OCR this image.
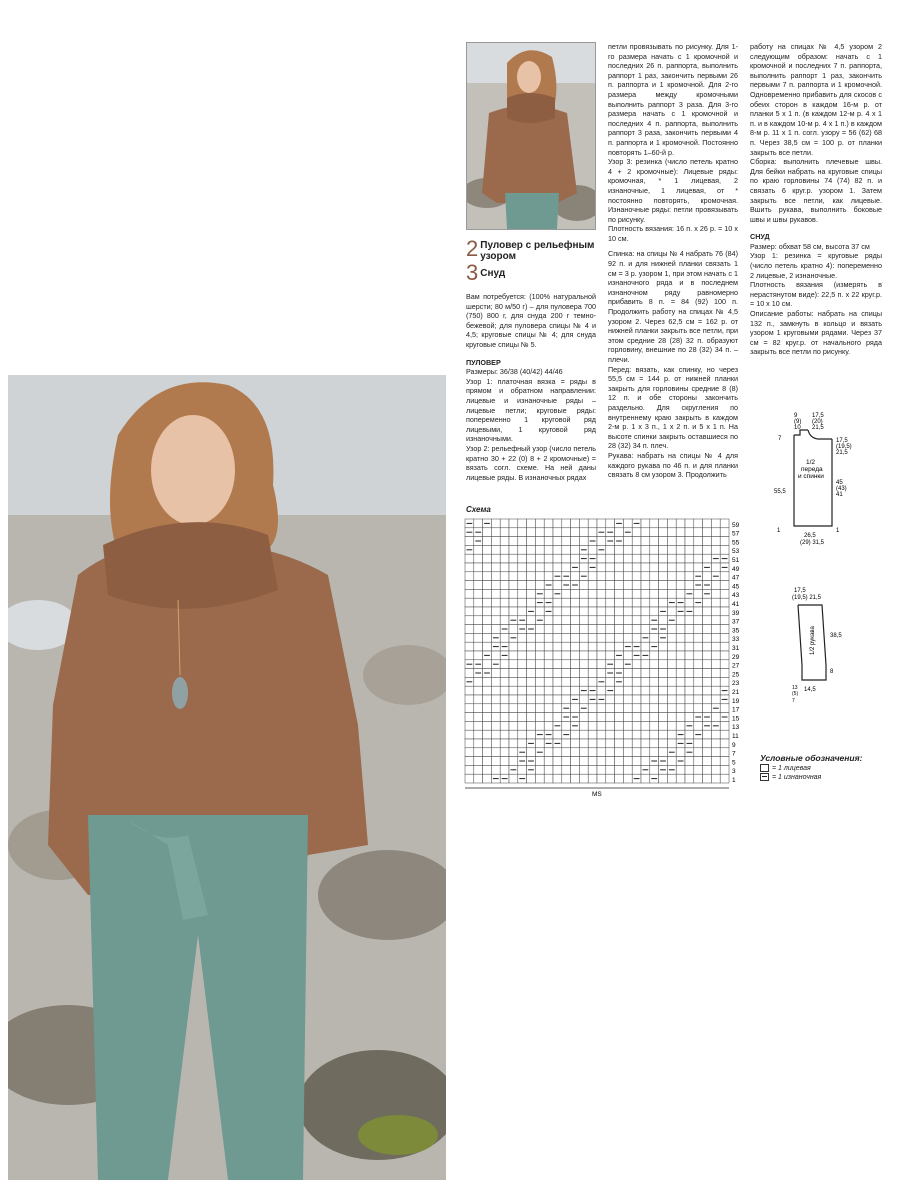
2 Пуловер с рельефным узором
3 Снуд

Вам потребуется: (100% натуральной шерсти; 80 м/50 г) – для пуловера 700 (750) 800 г, для снуда 200 г темно-бежевой; для пуловера спицы № 4 и 4,5; круговые спицы № 4; для снуда круговые спицы № 5.

ПУЛОВЕР

Размеры: 36/38 (40/42) 44/46

Узор 1: платочная вязка = ряды в прямом и обратном направлении: лицевые и изнаночные ряды – лицевые петли; круговые ряды: попеременно 1 круговой ряд лицевыми, 1 круговой ряд изнаночными.

Узор 2: рельефный узор (число петель кратно 30 + 22 (0) 8 + 2 кромочные) = вязать согл. схеме. На ней даны лицевые ряды. В изнаночных рядах

петли провязывать по рисунку. Для 1-го размера начать с 1 кромочной и последних 26 п. раппорта, выполнить раппорт 1 раз, закончить первыми 26 п. раппорта и 1 кромочной. Для 2-го размера между кромочными выполнить раппорт 3 раза. Для 3-го размера начать с 1 кромочной и последних 4 п. раппорта, выполнить раппорт 3 раза, закончить первыми 4 п. раппорта и 1 кромочной. Постоянно повторять 1–60-й р.

Узор 3: резинка (число петель кратно 4 + 2 кромочные): Лицевые ряды: кромочная, * 1 лицевая, 2 изнаночные, 1 лицевая, от * постоянно повторять, кромочная. Изнаночные ряды: петли провязывать по рисунку.

Плотность вязания: 16 п. х 26 р. = 10 х 10 см.

Спинка: на спицы № 4 набрать 76 (84) 92 п. и для нижней планки связать 1 см = 3 р. узором 1, при этом начать с 1 изнаночного ряда и в последнем изнаночном ряду равномерно прибавить 8 п. = 84 (92) 100 п. Продолжить работу на спицах № 4,5 узором 2. Через 62,5 см = 162 р. от нижней планки закрыть все петли, при этом средние 28 (28) 32 п. образуют горловину, внешние по 28 (32) 34 п. – плечи.

Перед: вязать, как спинку, но через 55,5 см = 144 р. от нижней планки закрыть для горловины средние 8 (8) 12 п. и обе стороны закончить раздельно. Для скругления по внутреннему краю закрыть в каждом 2-м р. 1 х 3 п., 1 х 2 п. и 5 х 1 п. На высоте спинки закрыть оставшиеся по 28 (32) 34 п. плеч.

Рукава: набрать на спицы № 4 для каждого рукава по 46 п. и для планки связать 8 см узором 3. Продолжить

работу на спицах № 4,5 узором 2 следующим образом: начать с 1 кромочной и последних 7 п. раппорта, выполнить раппорт 1 раз, закончить первыми 7 п. раппорта и 1 кромочной. Одновременно прибавить для скосов с обеих сторон в каждом 16-м р. от планки 5 х 1 п. (в каждом 12-м р. 4 х 1 п. и в каждом 10-м р. 4 х 1 п.) в каждом 8-м р. 11 х 1 п. согл. узору = 56 (62) 68 п. Через 38,5 см = 100 р. от планки закрыть все петли.

Сборка: выполнить плечевые швы. Для бейки набрать на круговые спицы по краю горловины 74 (74) 82 п. и связать 6 круг.р. узором 1. Затем закрыть все петли, как лицевые. Вшить рукава, выполнить боковые швы и швы рукавов.

СНУД

Размер: обхват 58 см, высота 37 см

Узор 1: резинка = круговые ряды (число петель кратно 4): попеременно 2 лицевые, 2 изнаночные.

Плотность вязания (измерять в нерастянутом виде): 22,5 п. х 22 круг.р. = 10 х 10 см.

Описание работы: набрать на спицы 132 п., замкнуть в кольцо и вязать узором 1 круговыми рядами. Через 37 см = 82 круг.р. от начального ряда закрыть все петли по рисунку.

Схема
1
3
5
7
9
11
13
15
17
19
21
23
25
27
29
31
33
35
37
39
41
43
45
47
49
51
53
55
57
59
MS
9
(9)
10
17,5
(20)
21,5
7	17,5
(19,5)
21,5
45
(43)
41
55,5
1/2
переда
и спинки
26,5
(29) 31,5
1	1
17,5
(19,5) 21,5
38,5
1/2 рукава
8
14,5
13
(5)
7
Условные обозначения:
= 1 лицевая
= 1 изнаночная
